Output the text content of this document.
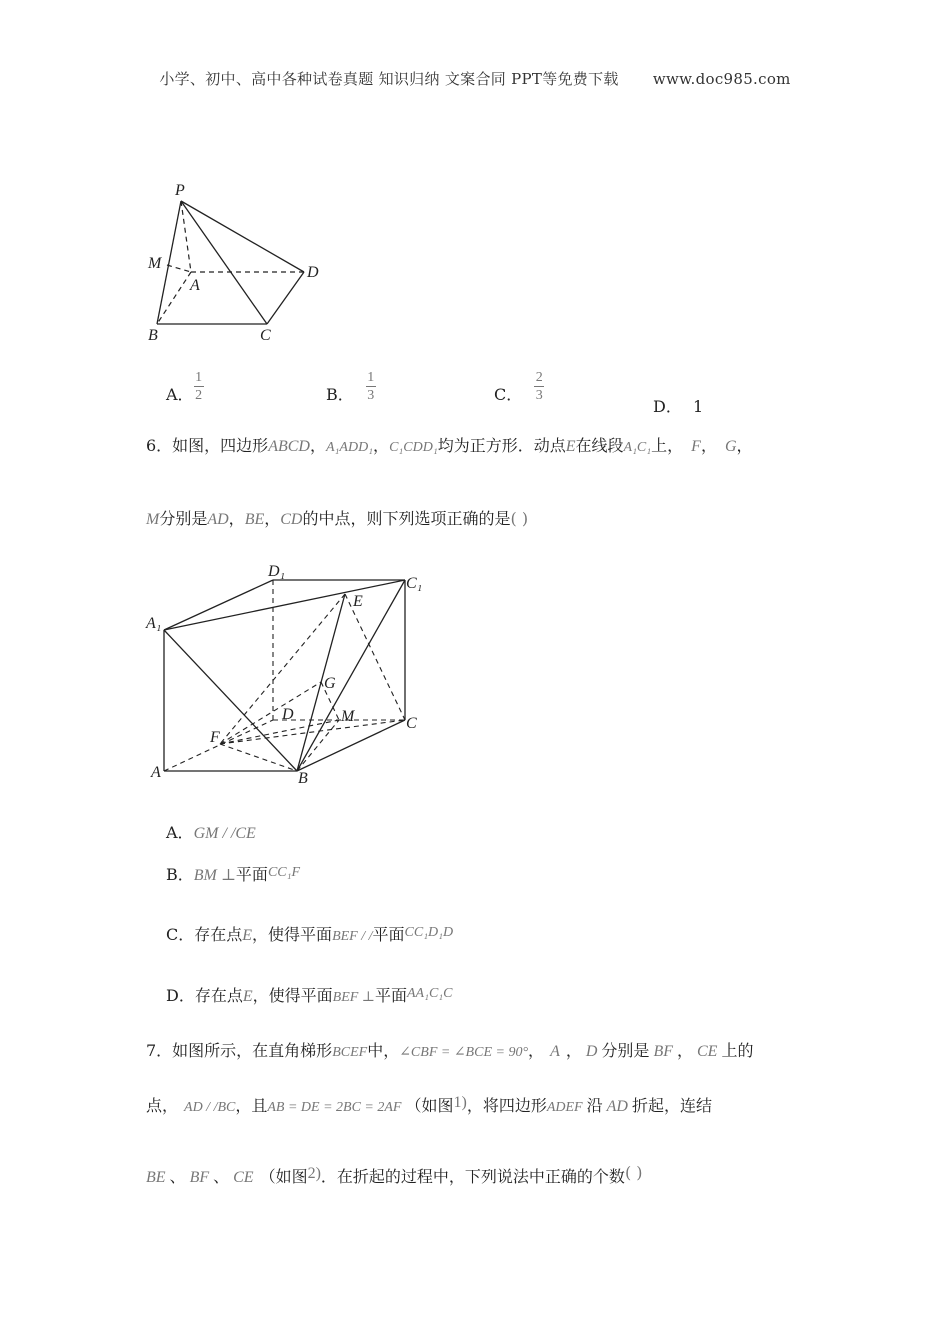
小学、初中、高中各种试卷真题 知识归纳 文案合同 PPT等免费下载 www.doc985.com
P
M
A
D
B	C
A． $\frac{1}{2}$	B． $\frac{1}{3}$	C． $\frac{2}{3}$
D． 1
6．如图，四边形ABCD，A₁ADD₁，C₁CDD₁均为正方形．动点E在线段A₁C₁上， F， G，
M分别是AD，BE，CD的中点，则下列选项正确的是( )
D₁
C₁
A₁
E
G
D	M	C
F
A	B
A．GM / /CE
B．BM ⊥平面CC₁F
C．存在点E，使得平面BEF / /平面CC₁D₁D
D．存在点E，使得平面BEF ⊥平面AA₁C₁C
7．如图所示，在直角梯形BCEF中，∠CBF = ∠BCE = 90°， A ， D 分别是 BF ， CE 上的
点， AD / /BC，且AB = DE = 2BC = 2AF （如图1)，将四边形ADEF 沿 AD 折起，连结
BE 、 BF 、 CE （如图2)．在折起的过程中，下列说法中正确的个数( )
